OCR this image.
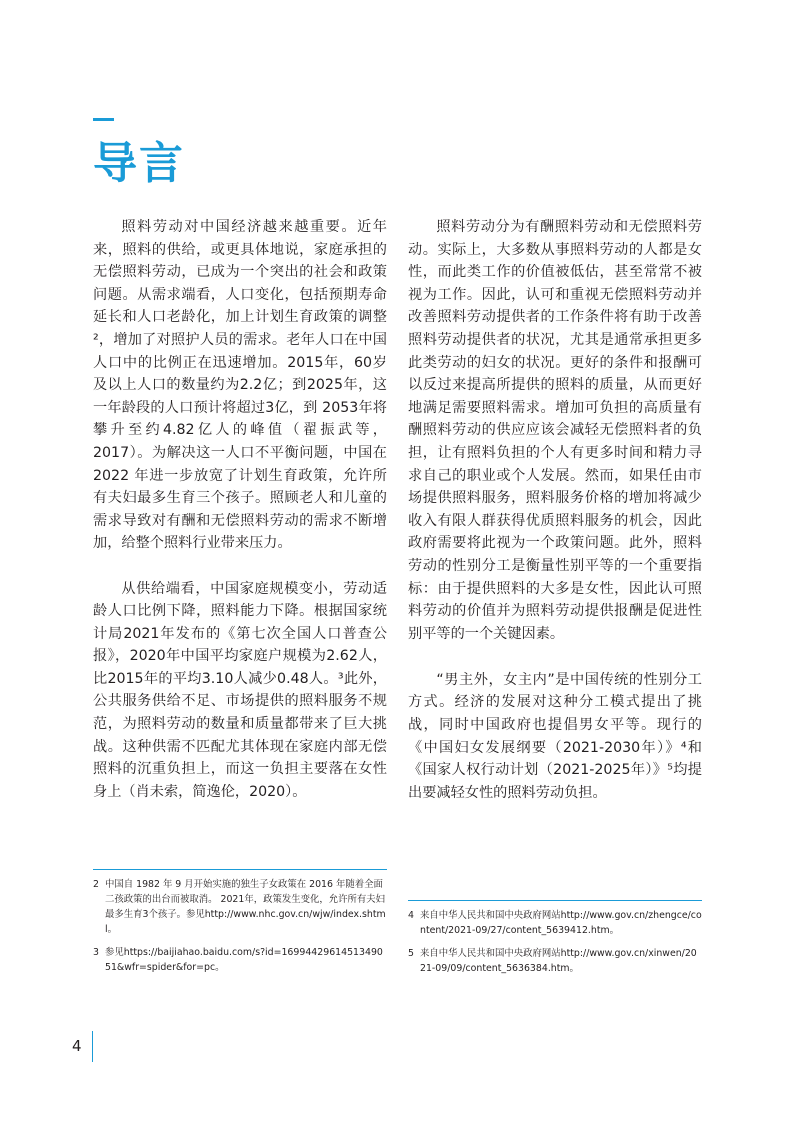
导言

照料劳动对中国经济越来越重要。近年来，照料的供给，或更具体地说，家庭承担的无偿照料劳动，已成为一个突出的社会和政策问题。从需求端看，人口变化，包括预期寿命延长和人口老龄化，加上计划生育政策的调整²，增加了对照护人员的需求。老年人口在中国人口中的比例正在迅速增加。2015年，60岁及以上人口的数量约为2.2亿；到2025年，这一年龄段的人口预计将超过3亿，到 2053年将攀升至约4.82亿人的峰值（翟振武等，2017）。为解决这一人口不平衡问题，中国在 2022 年进一步放宽了计划生育政策，允许所有夫妇最多生育三个孩子。照顾老人和儿童的需求导致对有酬和无偿照料劳动的需求不断增加，给整个照料行业带来压力。

从供给端看，中国家庭规模变小，劳动适龄人口比例下降，照料能力下降。根据国家统计局2021年发布的《第七次全国人口普查公报》，2020年中国平均家庭户规模为2.62人，比2015年的平均3.10人减少0.48人。³此外，公共服务供给不足、市场提供的照料服务不规范，为照料劳动的数量和质量都带来了巨大挑战。这种供需不匹配尤其体现在家庭内部无偿照料的沉重负担上，而这一负担主要落在女性身上（肖未索，简逸伦，2020）。

照料劳动分为有酬照料劳动和无偿照料劳动。实际上，大多数从事照料劳动的人都是女性，而此类工作的价值被低估，甚至常常不被视为工作。因此，认可和重视无偿照料劳动并改善照料劳动提供者的工作条件将有助于改善照料劳动提供者的状况，尤其是通常承担更多此类劳动的妇女的状况。更好的条件和报酬可以反过来提高所提供的照料的质量，从而更好地满足需要照料需求。增加可负担的高质量有酬照料劳动的供应应该会减轻无偿照料者的负担，让有照料负担的个人有更多时间和精力寻求自己的职业或个人发展。然而，如果任由市场提供照料服务，照料服务价格的增加将减少收入有限人群获得优质照料服务的机会，因此政府需要将此视为一个政策问题。此外，照料劳动的性别分工是衡量性别平等的一个重要指标：由于提供照料的大多是女性，因此认可照料劳动的价值并为照料劳动提供报酬是促进性别平等的一个关键因素。

“男主外，女主内”是中国传统的性别分工方式。经济的发展对这种分工模式提出了挑战，同时中国政府也提倡男女平等。现行的《中国妇女发展纲要（2021-2030年）》⁴和《国家人权行动计划（2021-2025年）》⁵均提出要减轻女性的照料劳动负担。

2 中国自 1982 年 9 月开始实施的独生子女政策在 2016 年随着全面二孩政策的出台而被取消。 2021年，政策发生变化，允许所有夫妇最多生育3个孩子。参见http://www.nhc.gov.cn/wjw/index.shtml。

3 参见https://baijiahao.baidu.com/s?id=1699442961451349051&wfr=spider&for=pc。

4 来自中华人民共和国中央政府网站http://www.gov.cn/zhengce/content/2021-09/27/content_5639412.htm。

5 来自中华人民共和国中央政府网站http://www.gov.cn/xinwen/2021-09/09/content_5636384.htm。

4
